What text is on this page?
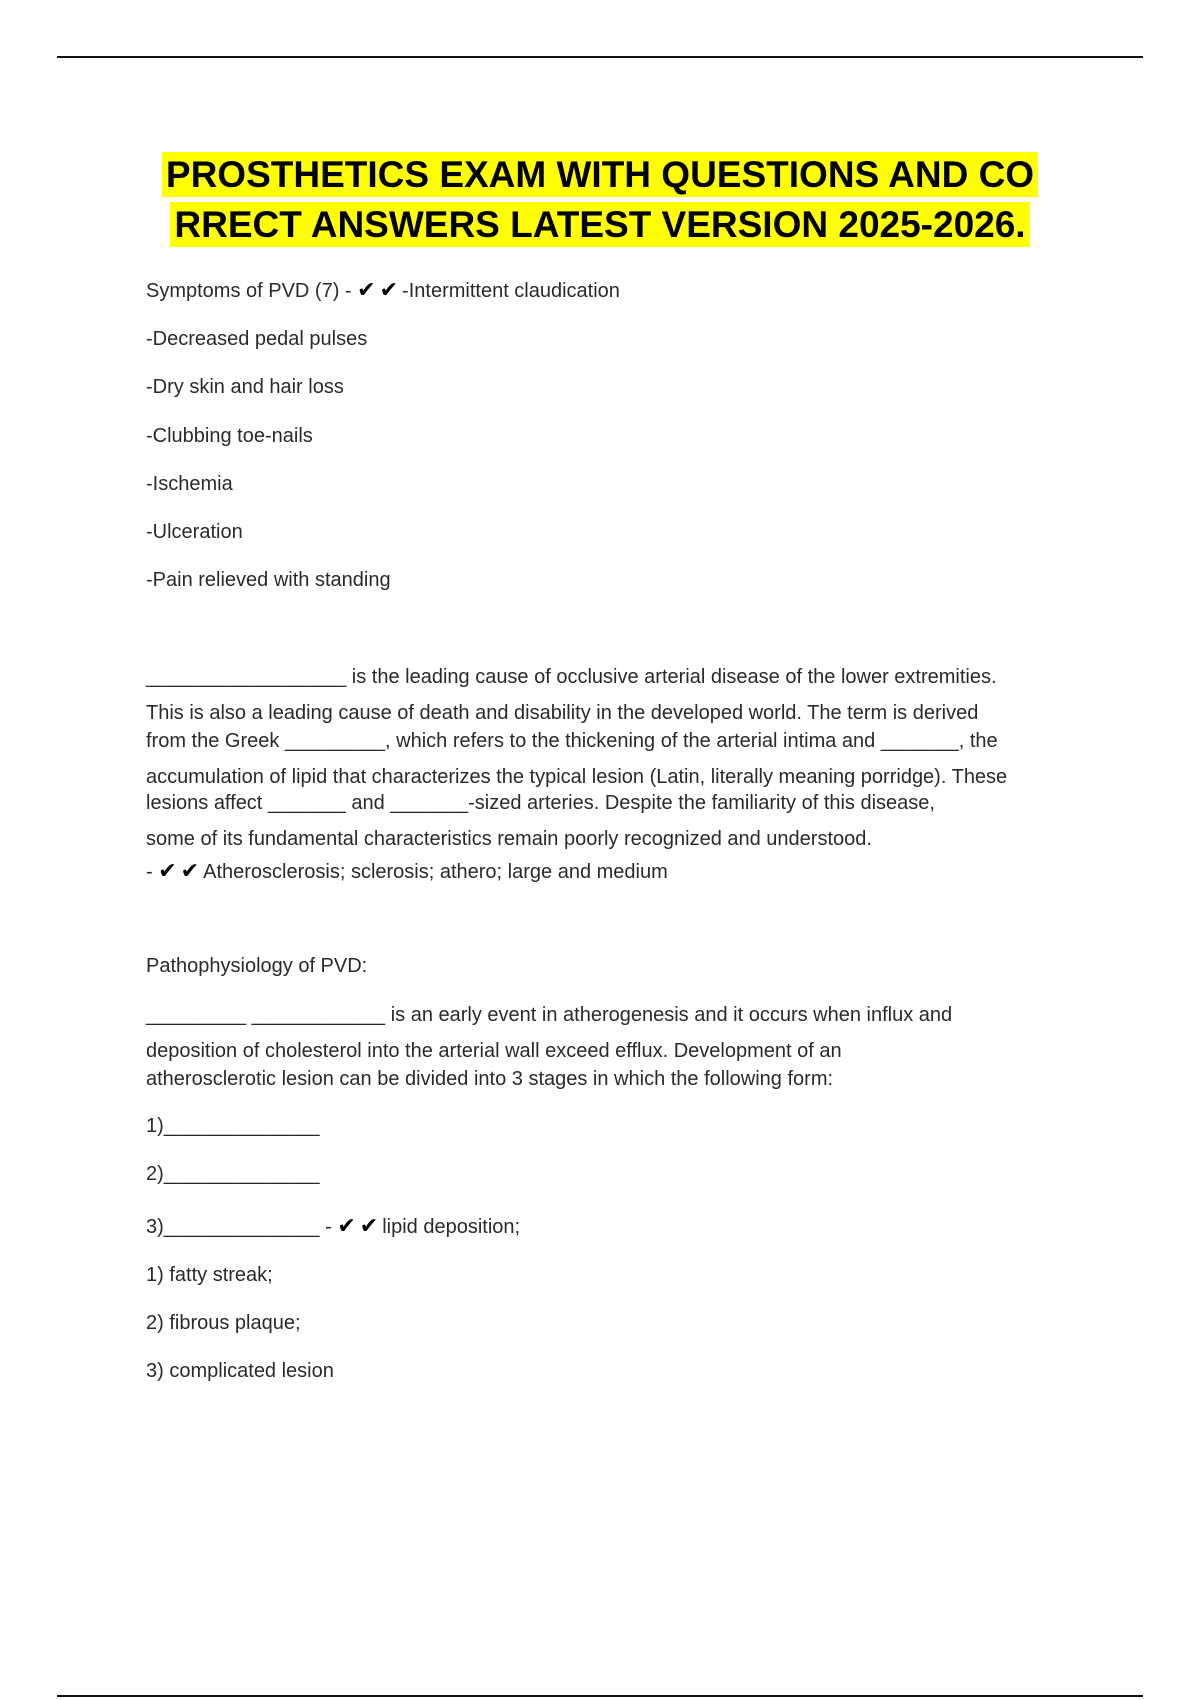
PROSTHETICS EXAM WITH QUESTIONS AND CO
RRECT ANSWERS LATEST VERSION 2025-2026.
Symptoms of PVD (7) - ✔✔-Intermittent claudication
-Decreased pedal pulses
-Dry skin and hair loss
-Clubbing toe-nails
-Ischemia
-Ulceration
-Pain relieved with standing
__________________ is the leading cause of occlusive arterial disease of the lower extremities.
This is also a leading cause of death and disability in the developed world. The term is derived
from the Greek _________, which refers to the thickening of the arterial intima and _______, the
accumulation of lipid that characterizes the typical lesion (Latin, literally meaning porridge). These
lesions affect _______ and _______-sized arteries. Despite the familiarity of this disease,
some of its fundamental characteristics remain poorly recognized and understood.
- ✔✔Atherosclerosis; sclerosis; athero; large and medium
Pathophysiology of PVD:
_________ ____________ is an early event in atherogenesis and it occurs when influx and
deposition of cholesterol into the arterial wall exceed efflux. Development of an
atherosclerotic lesion can be divided into 3 stages in which the following form:
1)______________
2)______________
3)______________ - ✔✔lipid deposition;
1) fatty streak;
2) fibrous plaque;
3) complicated lesion
